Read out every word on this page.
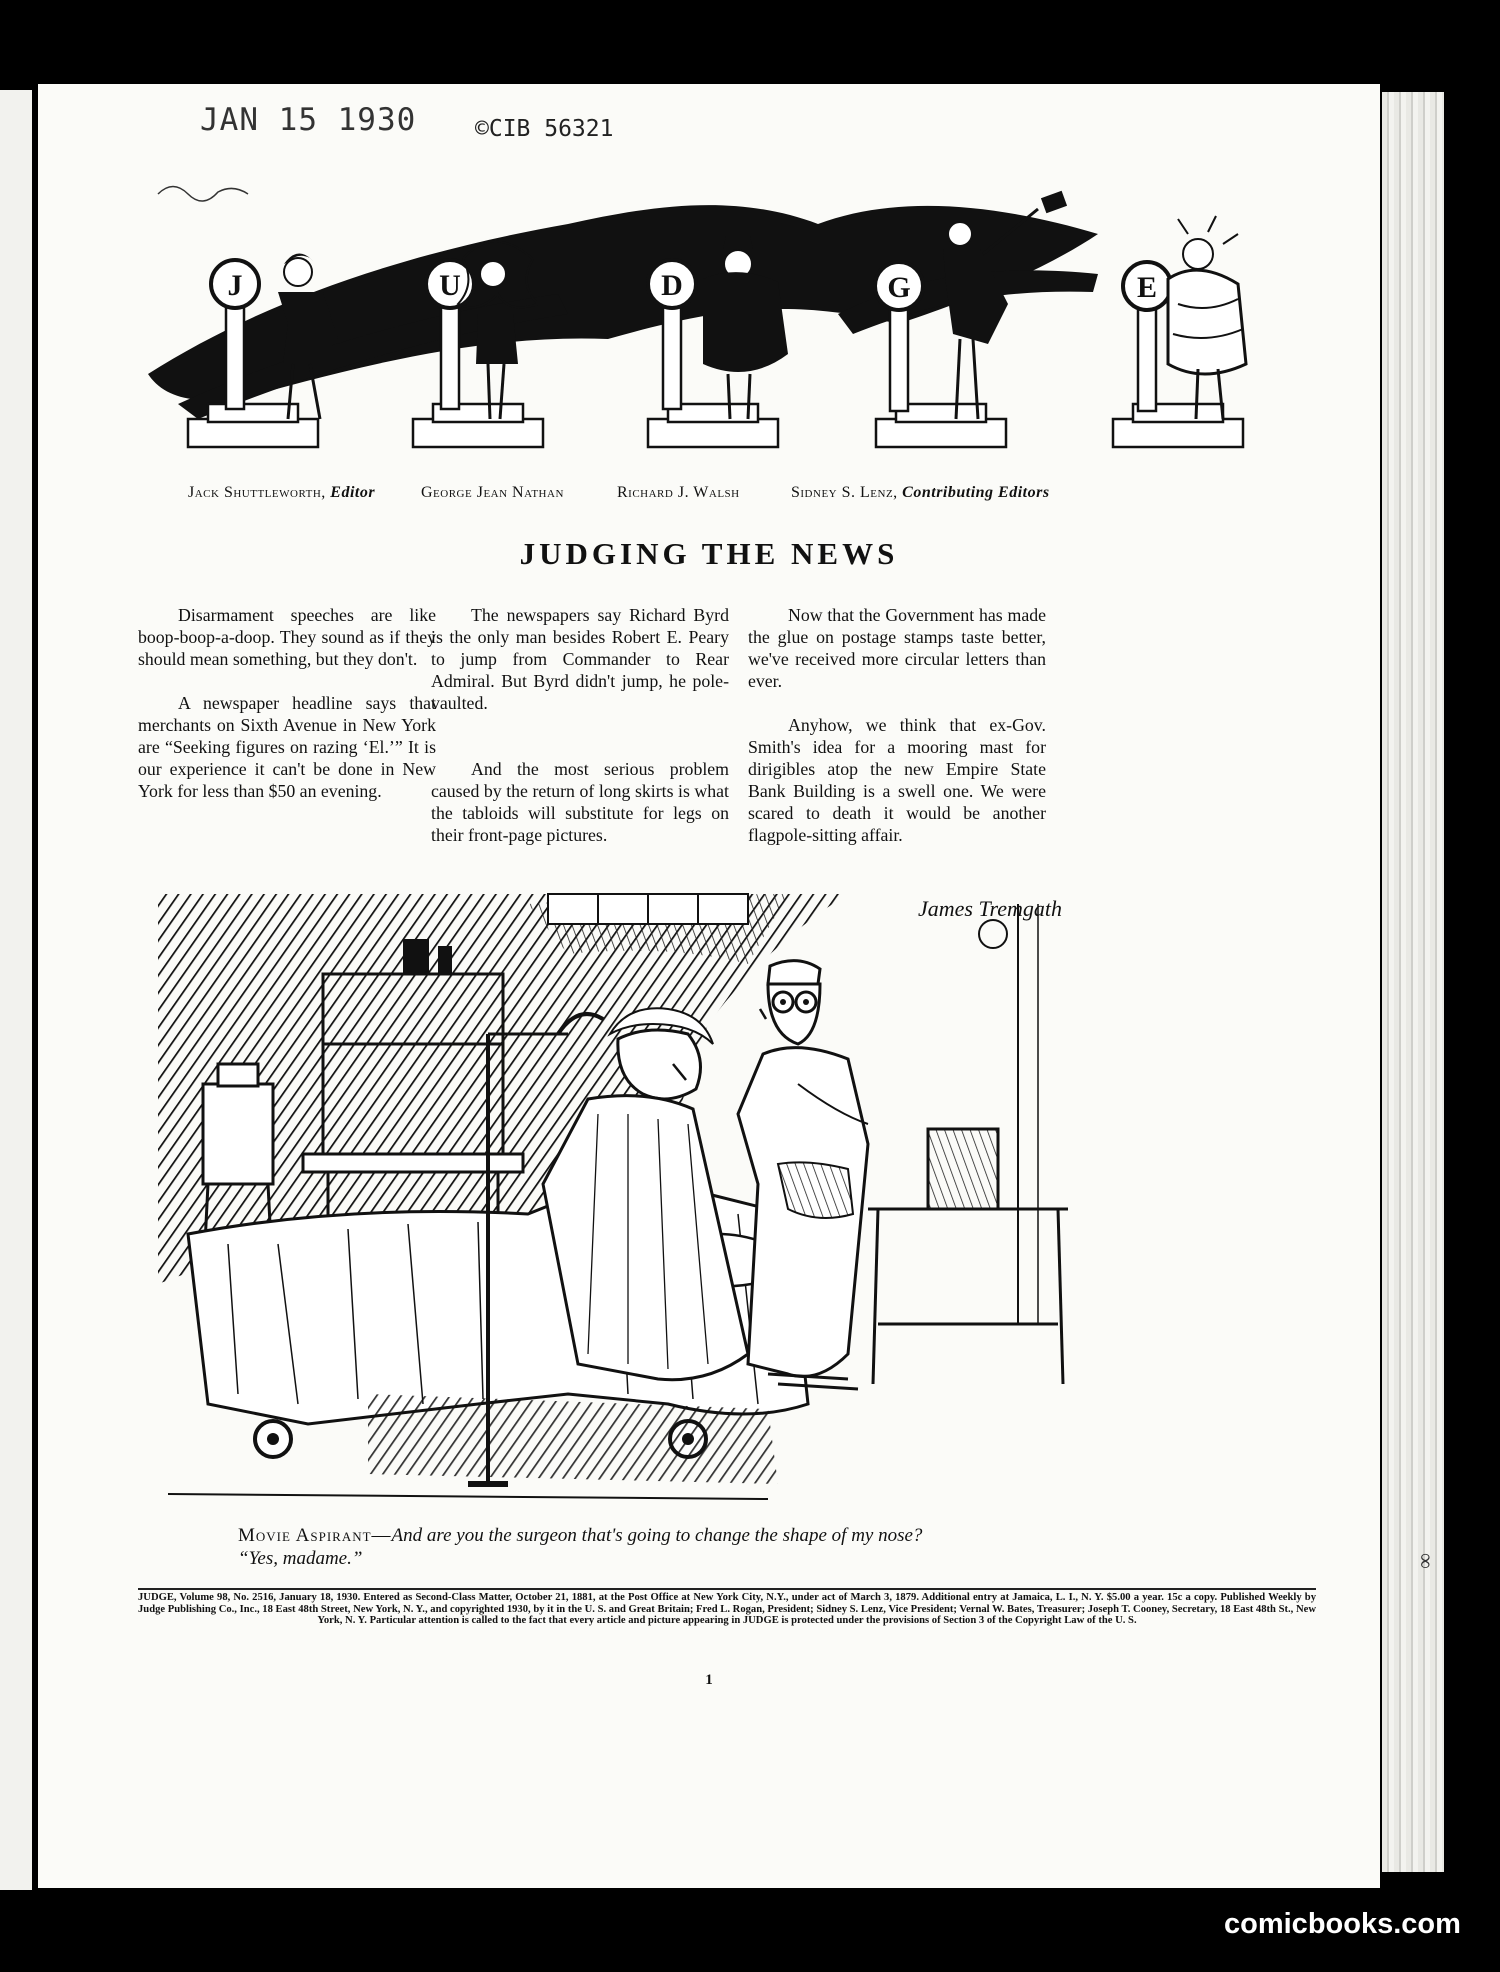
∞
JAN 15 1930	©CIB 56321
J	U	D	G	E
Jack Shuttleworth, Editor	George Jean Nathan	Richard J. Walsh	Sidney S. Lenz, Contributing Editors
JUDGING THE NEWS

Disarmament speeches are like boop-boop-a-doop. They sound as if they should mean something, but they don't.

A newspaper headline says that merchants on Sixth Avenue in New York are “Seeking figures on razing ‘El.’” It is our experience it can't be done in New York for less than $50 an evening.

The newspapers say Richard Byrd is the only man besides Robert E. Peary to jump from Commander to Rear Admiral. But Byrd didn't jump, he pole-vaulted.

And the most serious problem caused by the return of long skirts is what the tabloids will substitute for legs on their front-page pictures.

Now that the Government has made the glue on postage stamps taste better, we've received more circular letters than ever.

Anyhow, we think that ex-Gov. Smith's idea for a mooring mast for dirigibles atop the new Empire State Bank Building is a swell one. We were scared to death it would be another flagpole-sitting affair.

James Tremgath
Movie Aspirant—And are you the surgeon that's going to change the shape of my nose?
“Yes, madame.”
JUDGE, Volume 98, No. 2516, January 18, 1930. Entered as Second-Class Matter, October 21, 1881, at the Post Office at New York City, N.Y., under act of March 3, 1879. Additional entry at Jamaica, L. I., N. Y. $5.00 a year. 15c a copy. Published Weekly by Judge Publishing Co., Inc., 18 East 48th Street, New York, N. Y., and copyrighted 1930, by it in the U. S. and Great Britain; Fred L. Rogan, President; Sidney S. Lenz, Vice President; Vernal W. Bates, Treasurer; Joseph T. Cooney, Secretary, 18 East 48th St., New York, N. Y. Particular attention is called to the fact that every article and picture appearing in JUDGE is protected under the provisions of Section 3 of the Copyright Law of the U. S.
1
comicbooks.com
